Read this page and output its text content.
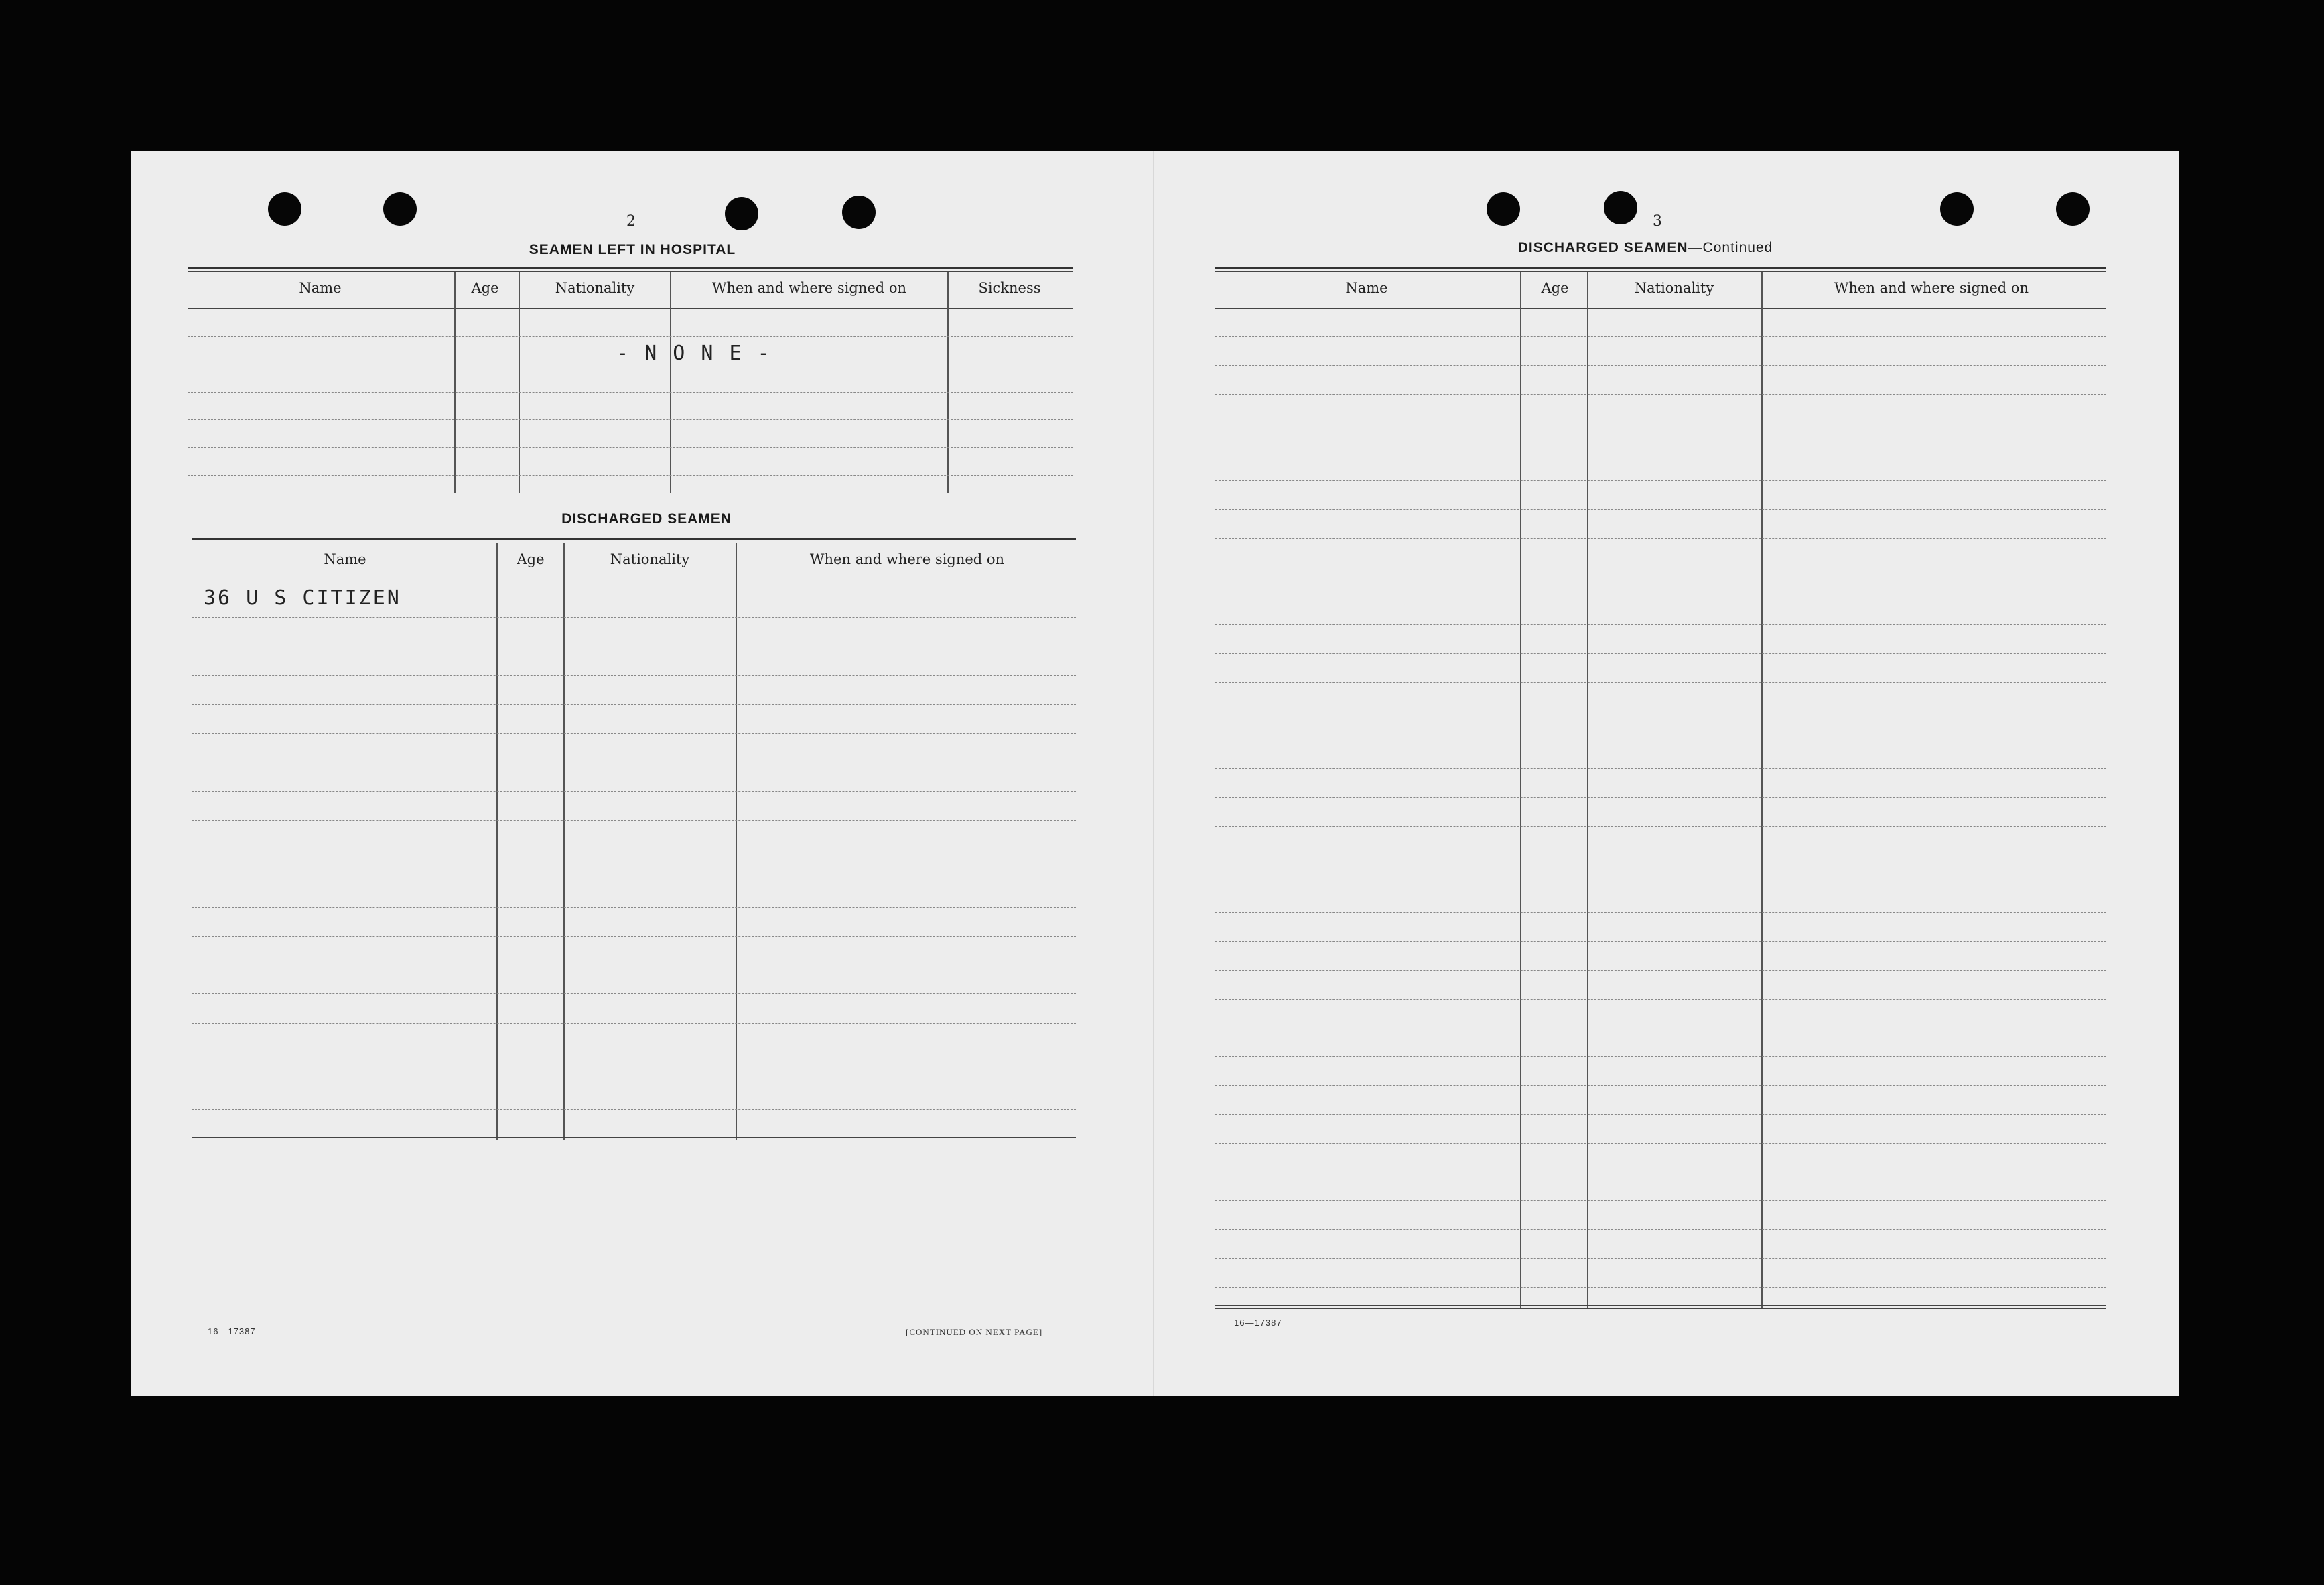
2
SEAMEN LEFT IN HOSPITAL
Name	Age	Nationality	When and where signed on	Sickness
- N O N E -
DISCHARGED SEAMEN
Name	Age	Nationality	When and where signed on
36 U S CITIZEN
16—17387	[CONTINUED ON NEXT PAGE]
3
DISCHARGED SEAMEN—Continued
Name	Age	Nationality	When and where signed on
16—17387
